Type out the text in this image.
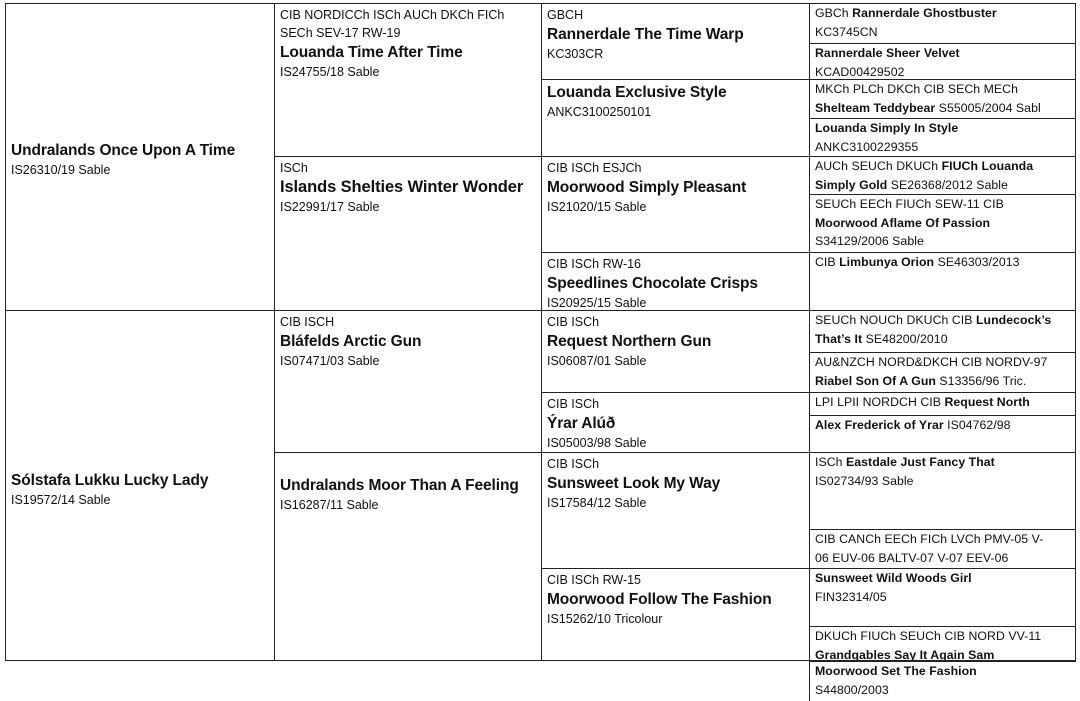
Undralands Once Upon A Time
IS26310/19 Sable
Sólstafa Lukku Lucky Lady
IS19572/14 Sable
CIB NORDICCh ISCh AUCh DKCh FICh
SECh SEV-17 RW-19
Louanda Time After Time
IS24755/18 Sable
ISCh
Islands Shelties Winter Wonder
IS22991/17 Sable
CIB ISCH
Bláfelds Arctic Gun
IS07471/03 Sable
Undralands Moor Than A Feeling
IS16287/11 Sable
GBCH
Rannerdale The Time Warp
KC303CR
Louanda Exclusive Style
ANKC3100250101
CIB ISCh ESJCh
Moorwood Simply Pleasant
IS21020/15 Sable
CIB ISCh RW-16
Speedlines Chocolate Crisps
IS20925/15 Sable
CIB ISCh
Request Northern Gun
IS06087/01 Sable
CIB ISCh
Ýrar Alúð
IS05003/98 Sable
CIB ISCh
Sunsweet Look My Way
IS17584/12 Sable
CIB ISCh RW-15
Moorwood Follow The Fashion
IS15262/10 Tricolour
GBCh Rannerdale Ghostbuster
KC3745CN
Rannerdale Sheer Velvet
KCAD00429502
MKCh PLCh DKCh CIB SECh MECh
Shelteam Teddybear S55005/2004 Sabl
Louanda Simply In Style
ANKC3100229355
AUCh SEUCh DKUCh FIUCh Louanda
Simply Gold SE26368/2012 Sable
SEUCh EECh FIUCh SEW-11 CIB
Moorwood Aflame Of Passion
S34129/2006 Sable
CIB Limbunya Orion SE46303/2013
SEUCh NOUCh DKUCh CIB Lundecock’s
That’s It SE48200/2010
AU&NZCH NORD&DKCH CIB NORDV-97
Riabel Son Of A Gun S13356/96 Tric.
LPI LPII NORDCH CIB Request North
Alex Frederick of Yrar IS04762/98
ISCh Eastdale Just Fancy That
IS02734/93 Sable
CIB CANCh EECh FICh LVCh PMV-05 V-
06 EUV-06 BALTV-07 V-07 EEV-06
Sunsweet Wild Woods Girl
FIN32314/05
DKUCh FIUCh SEUCh CIB NORD VV-11
Grandgables Say It Again Sam
Moorwood Set The Fashion
S44800/2003
